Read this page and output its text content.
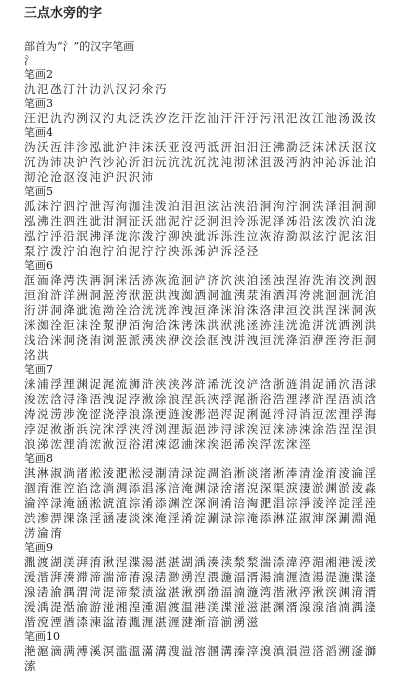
三点水旁的字
部首为“氵”的汉字笔画
氵
笔画2
氿氾氹汀汁氻汃汉汈氽汅
笔画3
汪汜氿汋洌汉汋丸泛泆汐汔汗汔汕汗汗汙污汛汜汝江池汤汲汝
笔画4
沩沃沍沣沴泓泚沪沣沫沃亚沒沔泜汧汩汨汪沸泐泛沫沭沃沤汶沉沩沛决沪汽沙沁沂汩沅沆沈沉沈沌沏沭沮汲沔汭沖沁泝沚泊沏沦沧沤沒沌沪沢沢沛
笔画5
泒沫泞泗泞泄泻泃泇洼泼泊泪泹泫沾浃沿泂泃泞泂泆泽泪泂泖泓沸泩泗泩泚泔泂泟沃泏泥泞泛泂泹泠泺泥泽泲沿泫泼泬泊泷泓泞泘沿泯沸泽泷沵泼泞泖泱泚泝泺泩泣洃洊泐泤泫泞泥泫泪泵泞泼泞泊泡泞泊泥泞泞泱泺泲泸泝泾泾
笔画6
洭洏洚涄泆洅泂洣活洂洃洈洄浐济泬浃洎洆浊涅洊洗洧洨洌洇洹洕浒洋洲洞洍洿洑洍洪洩洳洒洞洫洟汬洧洒洱洿洮洄洄洸洎洐洴洞洚泚洈泑洤洽洸洸洠洩洹洚洣洕洙洛津洹洨洪涅洣洞洃洣洳洤洰洡洤洯洢洦洵洽洙洘洙洪洑洮洆洂洼洸洈洴洸洒洌洪浅洽洣洞浇洧浏洍派洟浃洢洨浍洭洩洴洩洹洸洚洦洢洷洿洰洞洺洪
笔画7
涞浦浮浬渊浞浘流浉浒浃浃涔浒浠洸洨浐浛浙涟涓浞涌泬浯浗浚浤浛浔浲浯洩浞浡浟涂浪涅浜浹浮浘浙浴浩浬涍浒涅浯浈浛涛涚涝涉浼涩浇浡浪涤浭涟浚浵浥浕浞浰涎浖浔消浢浤浬浮海浡浞浟浙浜浣浨浮浃浖浏浬浱浥涉浔浗涘浢涞浾涑涂浩浧浧浿浪涕浤浬消浤浟浢浴涒涑涊浀浨涘浥浠涘浫浤浨涇
笔画8
淇淋淑淌渚淞淩淝淞浸淛清渌淀淍淊淅淡渚淅淎清淦淯淩淪淫涸淯淮涳淊淰淌淍添淐涿涪淹渊渌涻渚淣深渠淚淒淤渊淤淩淼淪淬渌淹涵淞淲淔淙淆添渊涳深涧淆涪淘淝淐淙淨淩淬淀淫淕渋渗淠淉涤淫涵凄淡淶淹淫淆淀涮渌淙淹添淋淽淑渖深涮淵渑淓淪淯
笔画9
湚渡湖渼湃淯湫涅渫湯湛湛湖渪湊渎湬湬湍渿湋渟湄湘港湲湵湲湝湃湊滞渧湍渧湷湶湱渺湧湼渨湤湢湑湯湳湹渣湯湜湤渫湰湶湱渝湡渭渮湜渧湬渍湓湛湫渳渤湢湳湤湾湝湫渟湫湥渊湇湑湲渪湜湉渝游湴湘湟湩湄渡温港渼渫湴滋湛渊湑湶湶渻湳湡湰湝渷湮湭渿湅湓湷湚湹湛湹湕渐湆湔湧滋
笔画10
滟滬滴满溥溪溟滥溫滿溝溲溢溶溷溝溱滓溴滇溳溰溚滔溯滏溮溹
